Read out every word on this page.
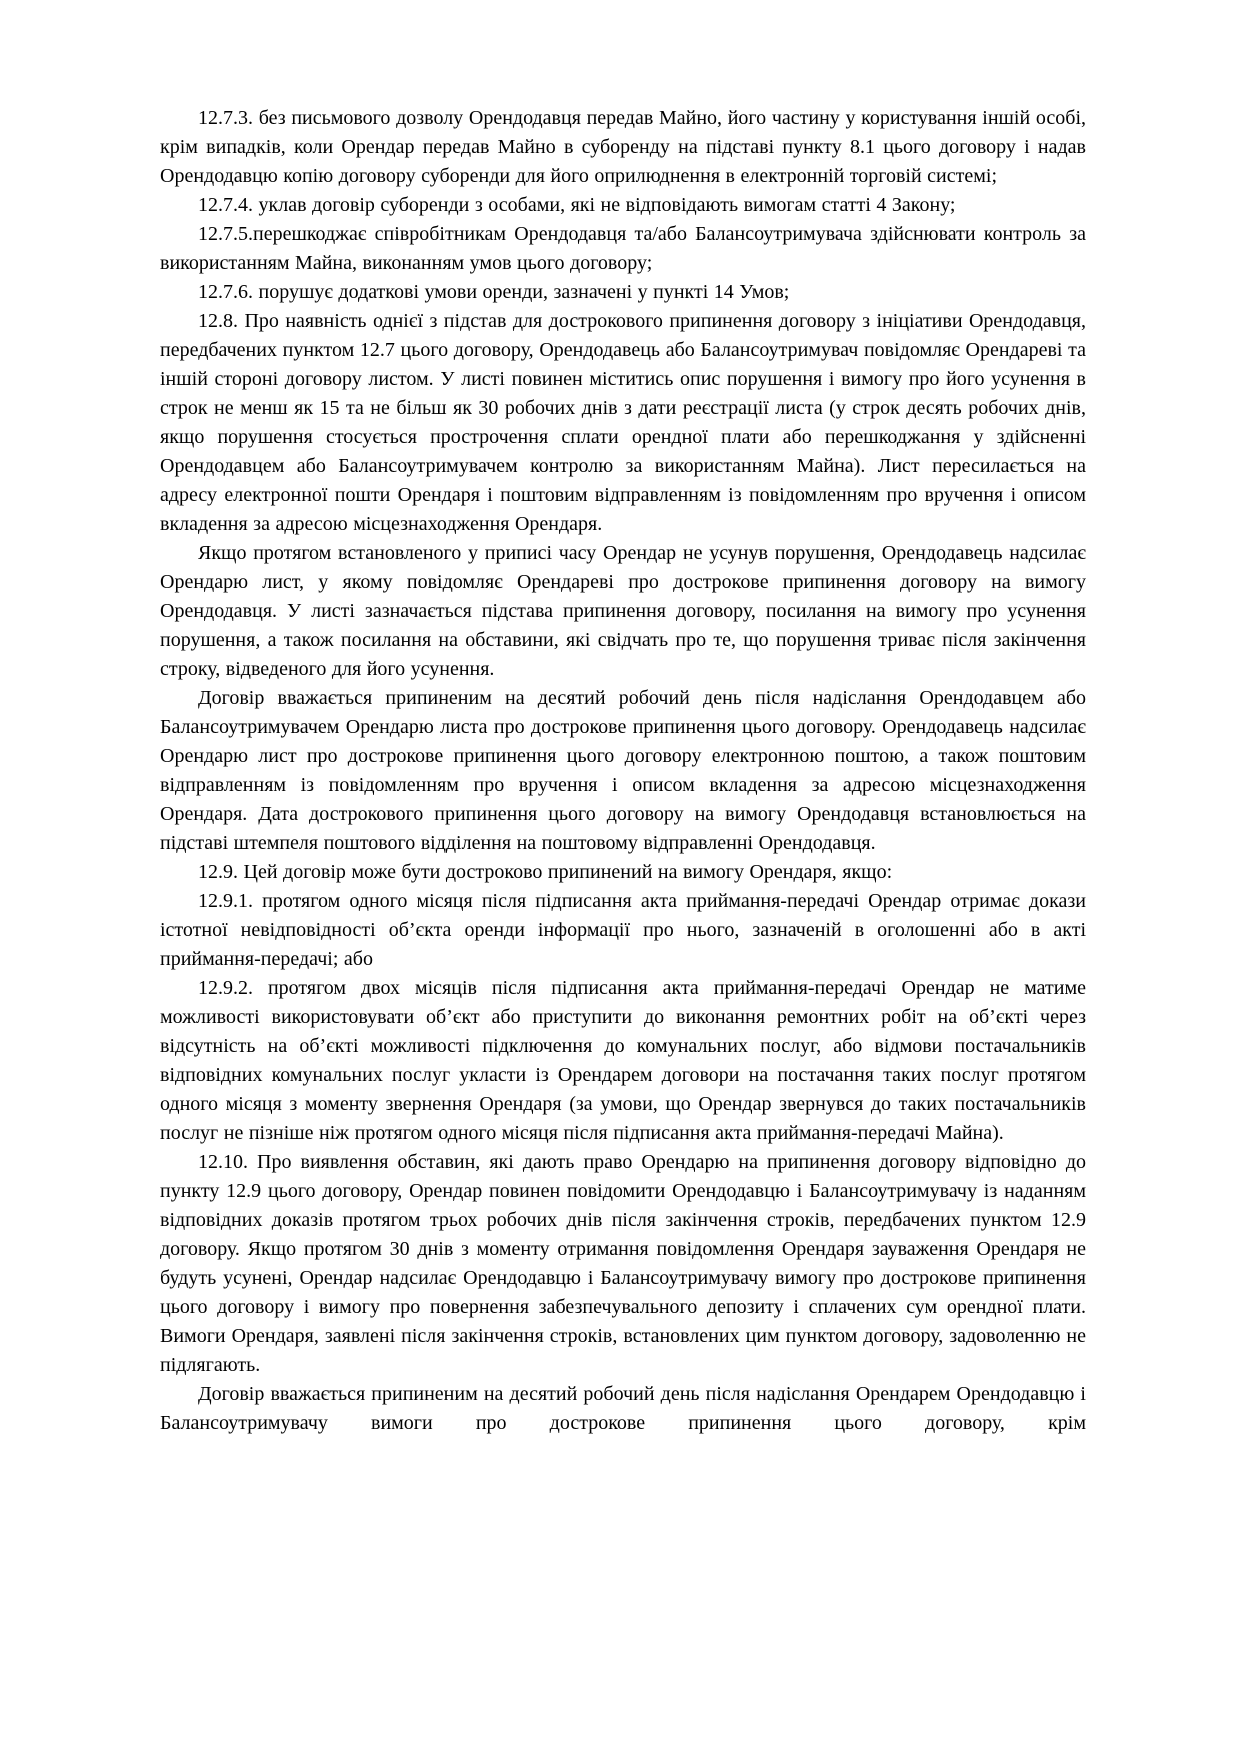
12.7.3. без письмового дозволу Орендодавця передав Майно, його частину у користування іншій особі, крім випадків, коли Орендар передав Майно в суборенду на підставі пункту 8.1 цього договору і надав Орендодавцю копію договору суборенди для його оприлюднення в електронній торговій системі;

12.7.4. уклав договір суборенди з особами, які не відповідають вимогам статті 4 Закону;

12.7.5.перешкоджає співробітникам Орендодавця та/або Балансоутримувача здійснювати контроль за використанням Майна, виконанням умов цього договору;

12.7.6. порушує додаткові умови оренди, зазначені у пункті 14 Умов;

12.8. Про наявність однієї з підстав для дострокового припинення договору з ініціативи Орендодавця, передбачених пунктом 12.7 цього договору, Орендодавець або Балансоутримувач повідомляє Орендареві та іншій стороні договору листом. У листі повинен міститись опис порушення і вимогу про його усунення в строк не менш як 15 та не більш як 30 робочих днів з дати реєстрації листа (у строк десять робочих днів, якщо порушення стосується прострочення сплати орендної плати або перешкоджання у здійсненні Орендодавцем або Балансоутримувачем контролю за використанням Майна). Лист пересилається на адресу електронної пошти Орендаря і поштовим відправленням із повідомленням про вручення і описом вкладення за адресою місцезнаходження Орендаря.

Якщо протягом встановленого у приписі часу Орендар не усунув порушення, Орендодавець надсилає Орендарю лист, у якому повідомляє Орендареві про дострокове припинення договору на вимогу Орендодавця. У листі зазначається підстава припинення договору, посилання на вимогу про усунення порушення, а також посилання на обставини, які свідчать про те, що порушення триває після закінчення строку, відведеного для його усунення.

Договір вважається припиненим на десятий робочий день після надіслання Орендодавцем або Балансоутримувачем Орендарю листа про дострокове припинення цього договору. Орендодавець надсилає Орендарю лист про дострокове припинення цього договору електронною поштою, а також поштовим відправленням із повідомленням про вручення і описом вкладення за адресою місцезнаходження Орендаря. Дата дострокового припинення цього договору на вимогу Орендодавця встановлюється на підставі штемпеля поштового відділення на поштовому відправленні Орендодавця.

12.9. Цей договір може бути достроково припинений на вимогу Орендаря, якщо:

12.9.1. протягом одного місяця після підписання акта приймання-передачі Орендар отримає докази істотної невідповідності об’єкта оренди інформації про нього, зазначеній в оголошенні або в акті приймання-передачі; або

12.9.2. протягом двох місяців після підписання акта приймання-передачі Орендар не матиме можливості використовувати об’єкт або приступити до виконання ремонтних робіт на об’єкті через відсутність на об’єкті можливості підключення до комунальних послуг, або відмови постачальників відповідних комунальних послуг укласти із Орендарем договори на постачання таких послуг протягом одного місяця з моменту звернення Орендаря (за умови, що Орендар звернувся до таких постачальників послуг не пізніше ніж протягом одного місяця після підписання акта приймання-передачі Майна).

12.10. Про виявлення обставин, які дають право Орендарю на припинення договору відповідно до пункту 12.9 цього договору, Орендар повинен повідомити Орендодавцю і Балансоутримувачу із наданням відповідних доказів протягом трьох робочих днів після закінчення строків, передбачених пунктом 12.9 договору. Якщо протягом 30 днів з моменту отримання повідомлення Орендаря зауваження Орендаря не будуть усунені, Орендар надсилає Орендодавцю і Балансоутримувачу вимогу про дострокове припинення цього договору і вимогу про повернення забезпечувального депозиту і сплачених сум орендної плати. Вимоги Орендаря, заявлені після закінчення строків, встановлених цим пунктом договору, задоволенню не підлягають.

Договір вважається припиненим на десятий робочий день після надіслання Орендарем Орендодавцю і Балансоутримувачу вимоги про дострокове припинення цього договору, крім
